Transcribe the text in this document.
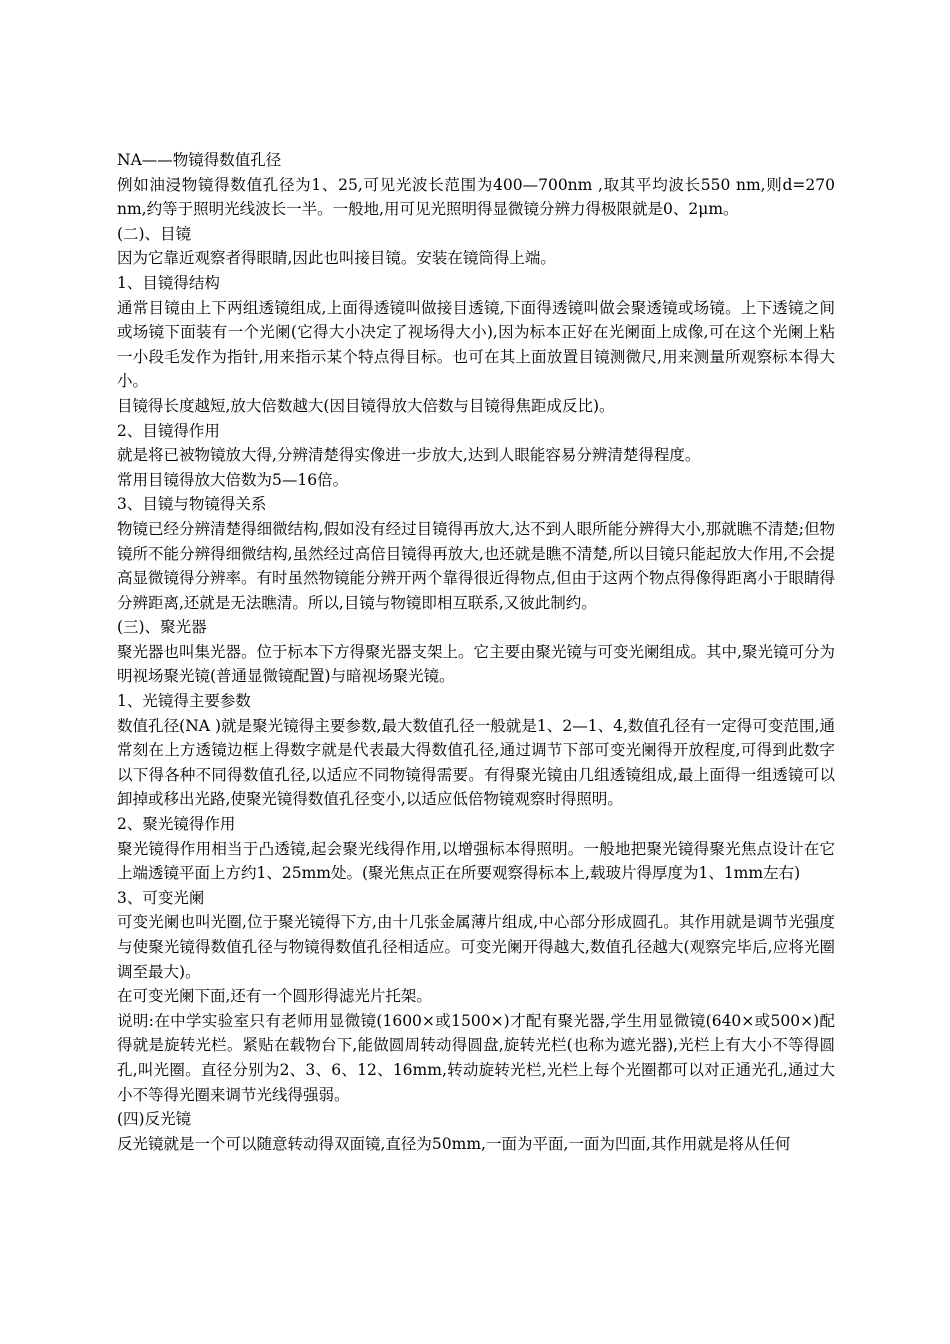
NA——物镜得数值孔径

例如油浸物镜得数值孔径为1、25,可见光波长范围为400—700nm ,取其平均波长550 nm,则d=270 nm,约等于照明光线波长一半。一般地,用可见光照明得显微镜分辨力得极限就是0、2μm。

(二)、目镜

因为它靠近观察者得眼睛,因此也叫接目镜。安装在镜筒得上端。

1、目镜得结构

通常目镜由上下两组透镜组成,上面得透镜叫做接目透镜,下面得透镜叫做会聚透镜或场镜。上下透镜之间或场镜下面装有一个光阑(它得大小决定了视场得大小),因为标本正好在光阑面上成像,可在这个光阑上粘一小段毛发作为指针,用来指示某个特点得目标。也可在其上面放置目镜测微尺,用来测量所观察标本得大小。

目镜得长度越短,放大倍数越大(因目镜得放大倍数与目镜得焦距成反比)。

2、目镜得作用

就是将已被物镜放大得,分辨清楚得实像进一步放大,达到人眼能容易分辨清楚得程度。

常用目镜得放大倍数为5—16倍。

3、目镜与物镜得关系

物镜已经分辨清楚得细微结构,假如没有经过目镜得再放大,达不到人眼所能分辨得大小,那就瞧不清楚;但物镜所不能分辨得细微结构,虽然经过高倍目镜得再放大,也还就是瞧不清楚,所以目镜只能起放大作用,不会提高显微镜得分辨率。有时虽然物镜能分辨开两个靠得很近得物点,但由于这两个物点得像得距离小于眼睛得分辨距离,还就是无法瞧清。所以,目镜与物镜即相互联系,又彼此制约。

(三)、聚光器

聚光器也叫集光器。位于标本下方得聚光器支架上。它主要由聚光镜与可变光阑组成。其中,聚光镜可分为明视场聚光镜(普通显微镜配置)与暗视场聚光镜。

1、光镜得主要参数

数值孔径(NA )就是聚光镜得主要参数,最大数值孔径一般就是1、2—1、4,数值孔径有一定得可变范围,通常刻在上方透镜边框上得数字就是代表最大得数值孔径,通过调节下部可变光阑得开放程度,可得到此数字以下得各种不同得数值孔径,以适应不同物镜得需要。有得聚光镜由几组透镜组成,最上面得一组透镜可以卸掉或移出光路,使聚光镜得数值孔径变小,以适应低倍物镜观察时得照明。

2、聚光镜得作用

聚光镜得作用相当于凸透镜,起会聚光线得作用,以增强标本得照明。一般地把聚光镜得聚光焦点设计在它上端透镜平面上方约1、25mm处。(聚光焦点正在所要观察得标本上,载玻片得厚度为1、1mm左右)

3、可变光阑

可变光阑也叫光圈,位于聚光镜得下方,由十几张金属薄片组成,中心部分形成圆孔。其作用就是调节光强度与使聚光镜得数值孔径与物镜得数值孔径相适应。可变光阑开得越大,数值孔径越大(观察完毕后,应将光圈调至最大)。

在可变光阑下面,还有一个圆形得滤光片托架。

说明:在中学实验室只有老师用显微镜(1600×或1500×)才配有聚光器,学生用显微镜(640×或500×)配得就是旋转光栏。紧贴在载物台下,能做圆周转动得圆盘,旋转光栏(也称为遮光器),光栏上有大小不等得圆孔,叫光圈。直径分别为2、3、6、12、16mm,转动旋转光栏,光栏上每个光圈都可以对正通光孔,通过大小不等得光圈来调节光线得强弱。

(四)反光镜

反光镜就是一个可以随意转动得双面镜,直径为50mm,一面为平面,一面为凹面,其作用就是将从任何
